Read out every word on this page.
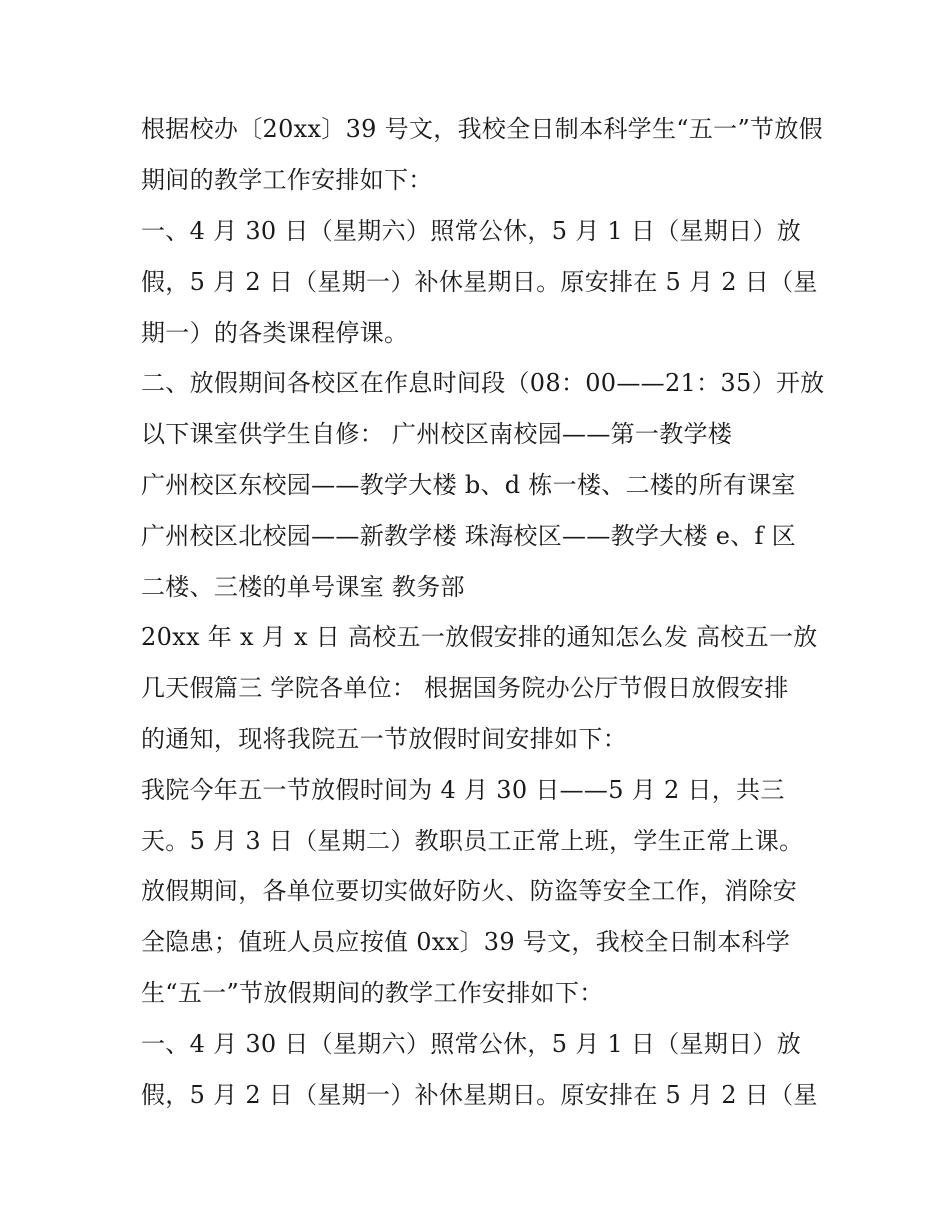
根据校办〔20xx〕39 号文，我校全日制本科学生“五一”节放假
期间的教学工作安排如下：
一、4 月 30 日（星期六）照常公休，5 月 1 日（星期日）放
假，5 月 2 日（星期一）补休星期日。原安排在 5 月 2 日（星
期一）的各类课程停课。
二、放假期间各校区在作息时间段（08：00——21：35）开放
以下课室供学生自修： 广州校区南校园——第一教学楼
广州校区东校园——教学大楼 b、d 栋一楼、二楼的所有课室
广州校区北校园——新教学楼 珠海校区——教学大楼 e、f 区
二楼、三楼的单号课室 教务部
20xx 年 x 月 x 日 高校五一放假安排的通知怎么发 高校五一放
几天假篇三 学院各单位： 根据国务院办公厅节假日放假安排
的通知，现将我院五一节放假时间安排如下：
我院今年五一节放假时间为 4 月 30 日——5 月 2 日，共三
天。5 月 3 日（星期二）教职员工正常上班，学生正常上课。
放假期间，各单位要切实做好防火、防盗等安全工作，消除安
全隐患；值班人员应按值 0xx〕39 号文，我校全日制本科学
生“五一”节放假期间的教学工作安排如下：
一、4 月 30 日（星期六）照常公休，5 月 1 日（星期日）放
假，5 月 2 日（星期一）补休星期日。原安排在 5 月 2 日（星
